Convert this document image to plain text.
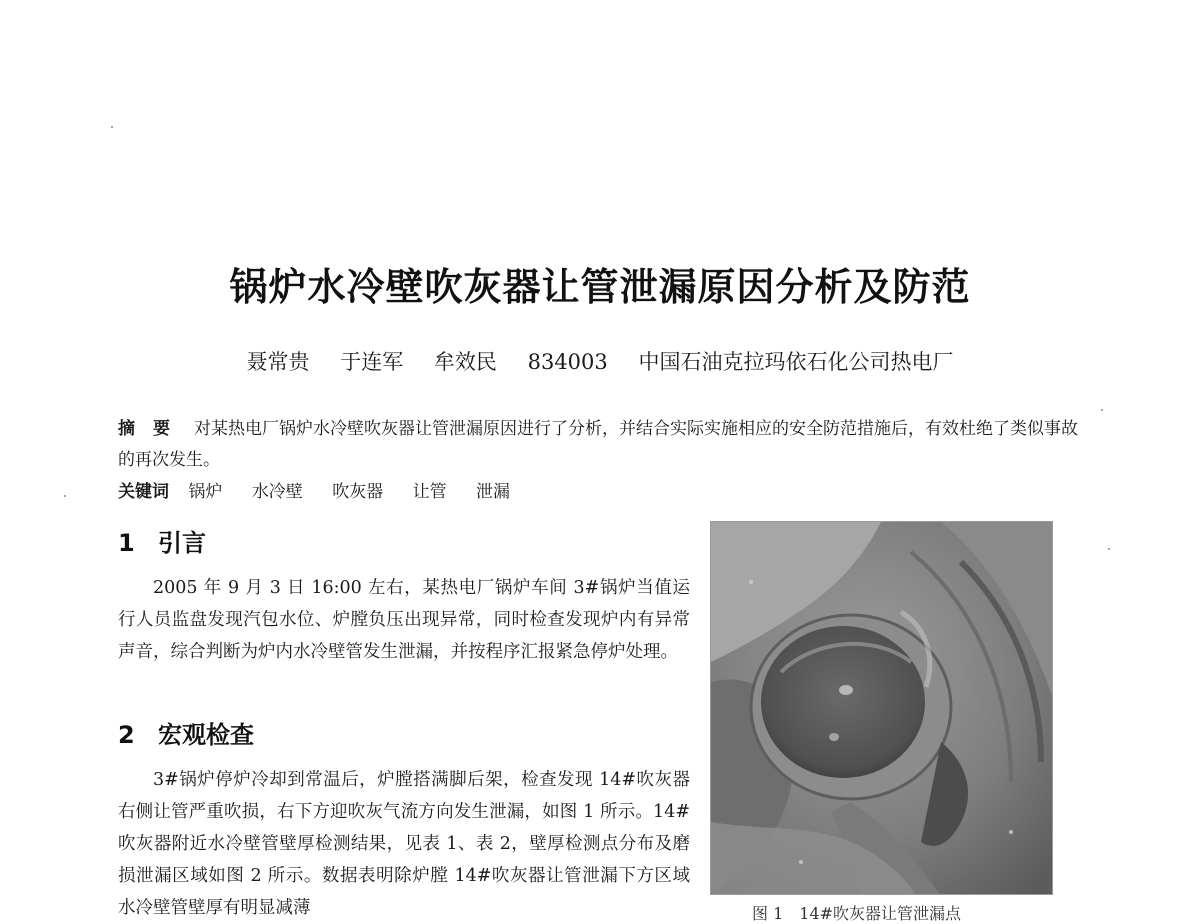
锅炉水冷壁吹灰器让管泄漏原因分析及防范
聂常贵 于连军 牟效民 834003 中国石油克拉玛依石化公司热电厂
摘要 对某热电厂锅炉水冷壁吹灰器让管泄漏原因进行了分析，并结合实际实施相应的安全防范措施后，有效杜绝了类似事故的再次发生。
关键词 锅炉 水冷壁 吹灰器 让管 泄漏
1 引言
2005 年 9 月 3 日 16:00 左右，某热电厂锅炉车间 3#锅炉当值运行人员监盘发现汽包水位、炉膛负压出现异常，同时检查发现炉内有异常声音，综合判断为炉内水冷壁管发生泄漏，并按程序汇报紧急停炉处理。
2 宏观检查
3#锅炉停炉冷却到常温后，炉膛搭满脚后架，检查发现 14#吹灰器右侧让管严重吹损，右下方迎吹灰气流方向发生泄漏，如图 1 所示。14#吹灰器附近水冷壁管壁厚检测结果，见表 1、表 2，壁厚检测点分布及磨损泄漏区域如图 2 所示。数据表明除炉膛 14#吹灰器让管泄漏下方区域水冷壁管壁厚有明显减薄	图 1　14#吹灰器让管泄漏点
